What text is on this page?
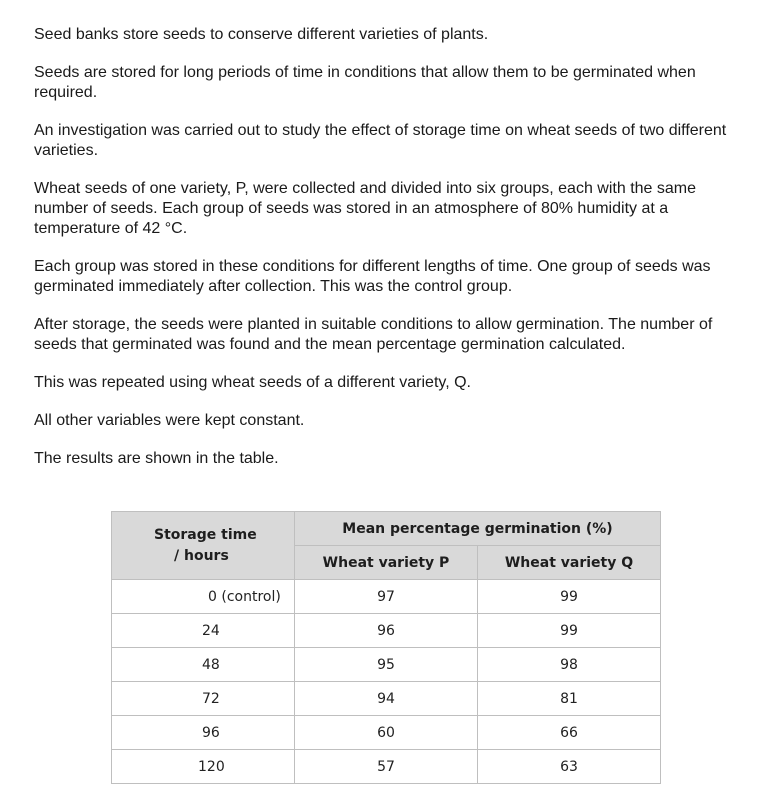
Seed banks store seeds to conserve different varieties of plants.

Seeds are stored for long periods of time in conditions that allow them to be germinated when required.

An investigation was carried out to study the effect of storage time on wheat seeds of two different varieties.

Wheat seeds of one variety, P, were collected and divided into six groups, each with the same number of seeds. Each group of seeds was stored in an atmosphere of 80% humidity at a temperature of 42 °C.

Each group was stored in these conditions for different lengths of time. One group of seeds was germinated immediately after collection. This was the control group.

After storage, the seeds were planted in suitable conditions to allow germination. The number of seeds that germinated was found and the mean percentage germination calculated.

This was repeated using wheat seeds of a different variety, Q.

All other variables were kept constant.

The results are shown in the table.

Storage time
/ hours	Mean percentage germination (%)	
	Wheat variety P	Wheat variety Q
0 (control)	97	99
24	96	99
48	95	98
72	94	81
96	60	66
120	57	63
